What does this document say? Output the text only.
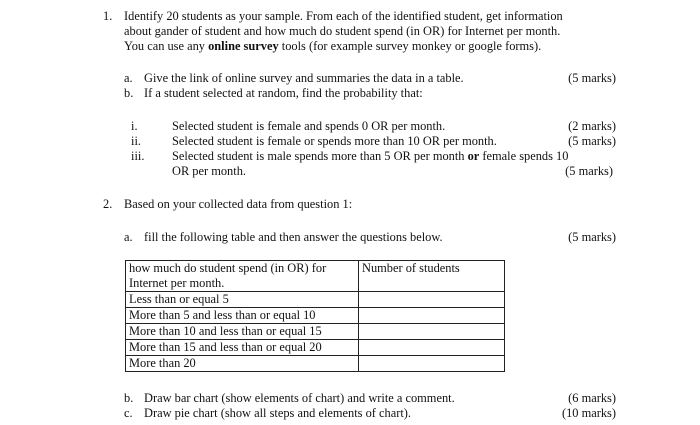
1. Identify 20 students as your sample. From each of the identified student, get information
about gander of student and how much do student spend (in OR) for Internet per month.
You can use any online survey tools (for example survey monkey or google forms).
a. Give the link of online survey and summaries the data in a table.	(5 marks)
b. If a student selected at random, find the probability that:
i.	Selected student is female and spends 0 OR per month.	(2 marks)
ii.	Selected student is female or spends more than 10 OR per month.	(5 marks)
iii. Selected student is male spends more than 5 OR per month or female spends 10
OR per month.	(5 marks)
2. Based on your collected data from question 1:
a. fill the following table and then answer the questions below.	(5 marks)
how much do student spend (in OR) for
Internet per month.	Number of students
Less than or equal 5	
More than 5 and less than or equal 10	
More than 10 and less than or equal 15	
More than 15 and less than or equal 20	
More than 20	
b. Draw bar chart (show elements of chart) and write a comment.	(6 marks)
c. Draw pie chart (show all steps and elements of chart).	(10 marks)
